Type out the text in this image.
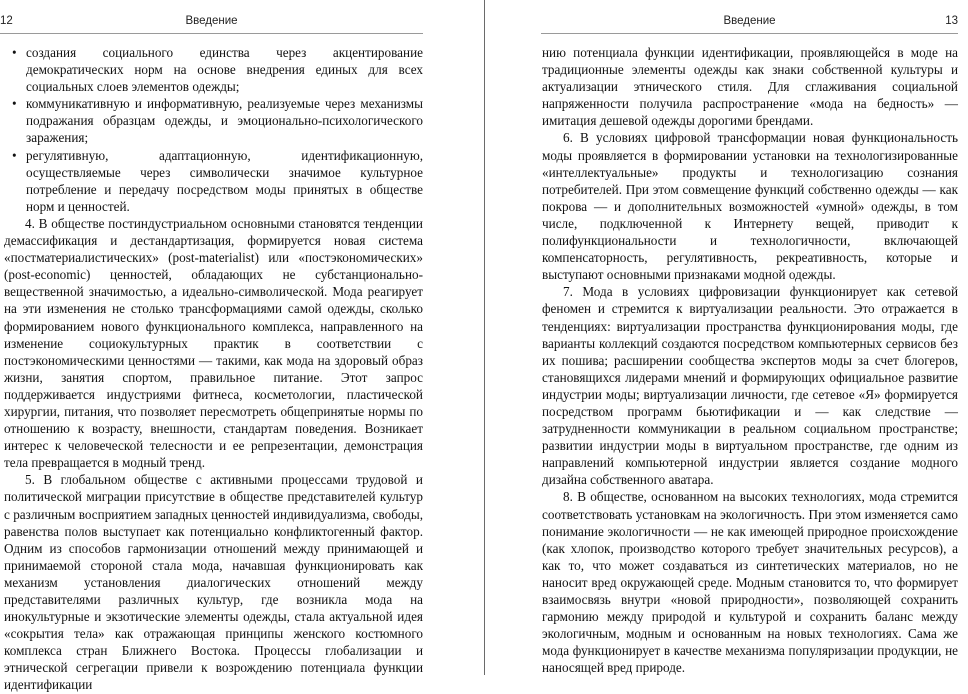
12	Введение
• создания социального единства через акцентирование демократических норм на основе внедрения единых для всех социальных слоев элементов одежды;
• коммуникативную и информативную, реализуемые через механизмы подражания образцам одежды, и эмоционально-психологического заражения;
• регулятивную, адаптационную, идентификационную, осуществляемые через символически значимое культурное потребление и передачу посредством моды принятых в обществе норм и ценностей.

4. В обществе постиндустриальном основными становятся тенденции демассификация и дестандартизация, формируется новая система «постматериалистических» (post-materialist) или «постэкономических» (post-economic) ценностей, обладающих не субстанционально-вещественной значимостью, а идеально-символической. Мода реагирует на эти изменения не столько трансформациями самой одежды, сколько формированием нового функционального комплекса, направленного на изменение социокультурных практик в соответствии с постэкономическими ценностями — такими, как мода на здоровый образ жизни, занятия спортом, правильное питание. Этот запрос поддерживается индустриями фитнеса, косметологии, пластической хирургии, питания, что позволяет пересмотреть общепринятые нормы по отношению к возрасту, внешности, стандартам поведения. Возникает интерес к человеческой телесности и ее репрезентации, демонстрация тела превращается в модный тренд.

5. В глобальном обществе с активными процессами трудовой и политической миграции присутствие в обществе представителей культур с различным восприятием западных ценностей индивидуализма, свободы, равенства полов выступает как потенциально конфликтогенный фактор. Одним из способов гармонизации отношений между принимающей и принимаемой стороной стала мода, начавшая функционировать как механизм установления диалогических отношений между представителями различных культур, где возникла мода на инокультурные и экзотические элементы одежды, стала актуальной идея «сокрытия тела» как отражающая принципы женского костюмного комплекса стран Ближнего Востока. Процессы глобализации и этнической сегрегации привели к возрождению потенциала функции идентификации

Введение	13

нию потенциала функции идентификации, проявляющейся в моде на традиционные элементы одежды как знаки собственной культуры и актуализации этнического стиля. Для сглаживания социальной напряженности получила распространение «мода на бедность» — имитация дешевой одежды дорогими брендами.

6. В условиях цифровой трансформации новая функциональность моды проявляется в формировании установки на технологизированные «интеллектуальные» продукты и технологизацию сознания потребителей. При этом совмещение функций собственно одежды — как покрова — и дополнительных возможностей «умной» одежды, в том числе, подключенной к Интернету вещей, приводит к полифункциональности и технологичности, включающей компенсаторность, регулятивность, рекреативность, которые и выступают основными признаками модной одежды.

7. Мода в условиях цифровизации функционирует как сетевой феномен и стремится к виртуализации реальности. Это отражается в тенденциях: виртуализации пространства функционирования моды, где варианты коллекций создаются посредством компьютерных сервисов без их пошива; расширении сообщества экспертов моды за счет блогеров, становящихся лидерами мнений и формирующих официальное развитие индустрии моды; виртуализации личности, где сетевое «Я» формируется посредством программ бьютификации и — как следствие — затрудненности коммуникации в реальном социальном пространстве; развитии индустрии моды в виртуальном пространстве, где одним из направлений компьютерной индустрии является создание модного дизайна собственного аватара.

8. В обществе, основанном на высоких технологиях, мода стремится соответствовать установкам на экологичность. При этом изменяется само понимание экологичности — не как имеющей природное происхождение (как хлопок, производство которого требует значительных ресурсов), а как то, что может создаваться из синтетических материалов, но не наносит вред окружающей среде. Модным становится то, что формирует взаимосвязь внутри «новой природности», позволяющей сохранить гармонию между природой и культурой и сохранить баланс между экологичным, модным и основанным на новых технологиях. Сама же мода функционирует в качестве механизма популяризации продукции, не наносящей вред природе.
